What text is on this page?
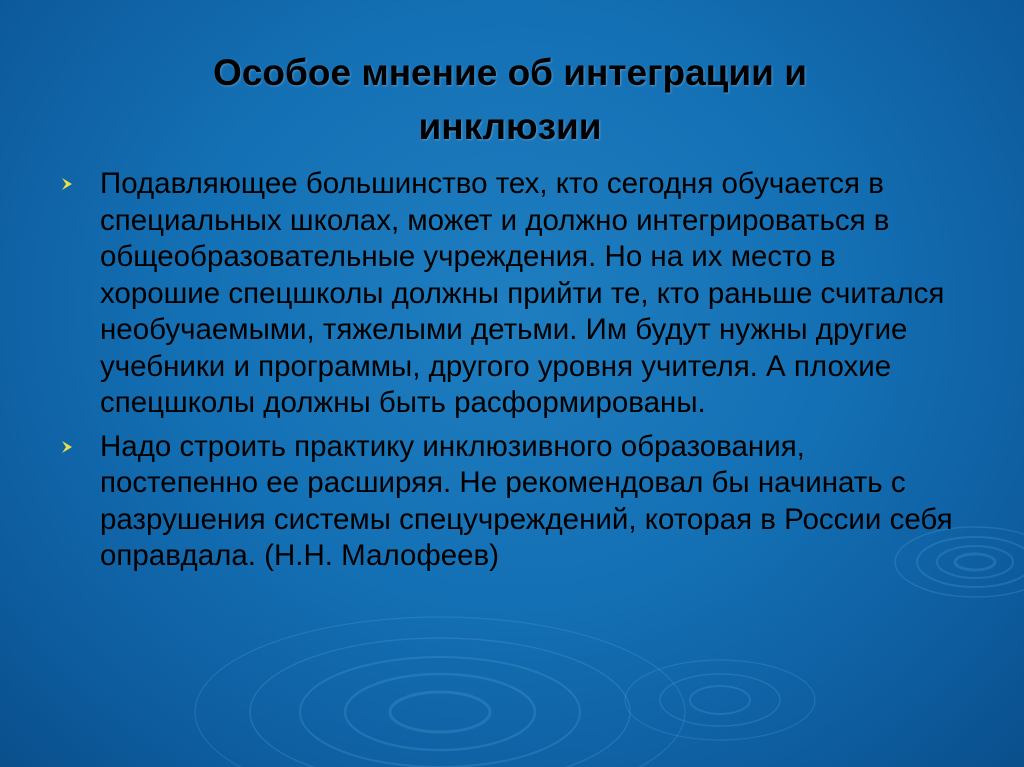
Особое мнение об интеграции и инклюзии
Подавляющее большинство тех, кто сегодня обучается в специальных школах, может и должно интегрироваться в общеобразовательные учреждения. Но на их место в хорошие спецшколы должны прийти те, кто раньше считался необучаемыми, тяжелыми детьми. Им будут нужны другие учебники и программы, другого уровня учителя. А плохие спецшколы должны быть расформированы.
Надо строить практику инклюзивного образования, постепенно ее расширяя. Не рекомендовал бы начинать с разрушения системы спецучреждений, которая в России себя оправдала. (Н.Н. Малофеев)
